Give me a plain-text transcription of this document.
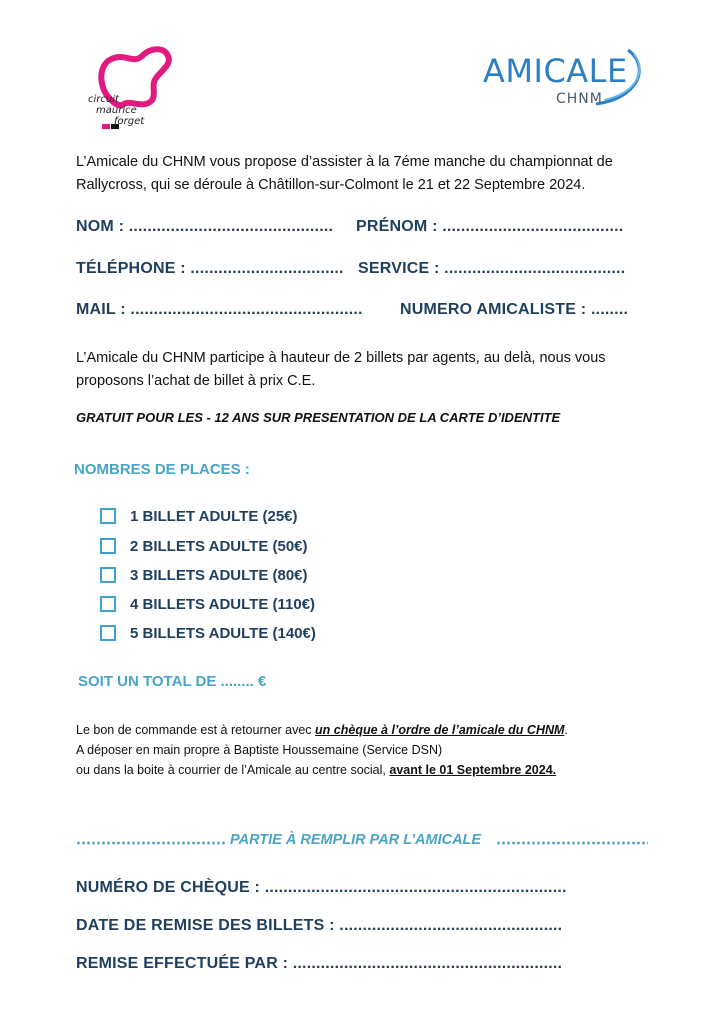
circuit
maurice
forget
AMICALE
CHNM
L’Amicale du CHNM vous propose d’assister à la 7éme manche du championnat de
Rallycross, qui se déroule à Châtillon-sur-Colmont le 21 et 22 Septembre 2024.
NOM : ............................................ PRÉNOM : .......................................
TÉLÉPHONE : ................................. SERVICE : .......................................
MAIL : .................................................. NUMERO AMICALISTE : ........
L’Amicale du CHNM participe à hauteur de 2 billets par agents, au delà, nous vous
proposons l’achat de billet à prix C.E.
GRATUIT POUR LES - 12 ANS SUR PRESENTATION DE LA CARTE D’IDENTITE
NOMBRES DE PLACES :
1 BILLET ADULTE (25€)
2 BILLETS ADULTE (50€)
3 BILLETS ADULTE (80€)
4 BILLETS ADULTE (110€)
5 BILLETS ADULTE (140€)
SOIT UN TOTAL DE ........ €
Le bon de commande est à retourner avec un chèque à l’ordre de l’amicale du CHNM.
A déposer en main propre à Baptiste Houssemaine (Service DSN)
ou dans la boite à courrier de l’Amicale au centre social, avant le 01 Septembre 2024.
PARTIE À REMPLIR PAR L’AMICALE
NUMÉRO DE CHÈQUE : .................................................................
DATE DE REMISE DES BILLETS : ................................................
REMISE EFFECTUÉE PAR : ..........................................................
